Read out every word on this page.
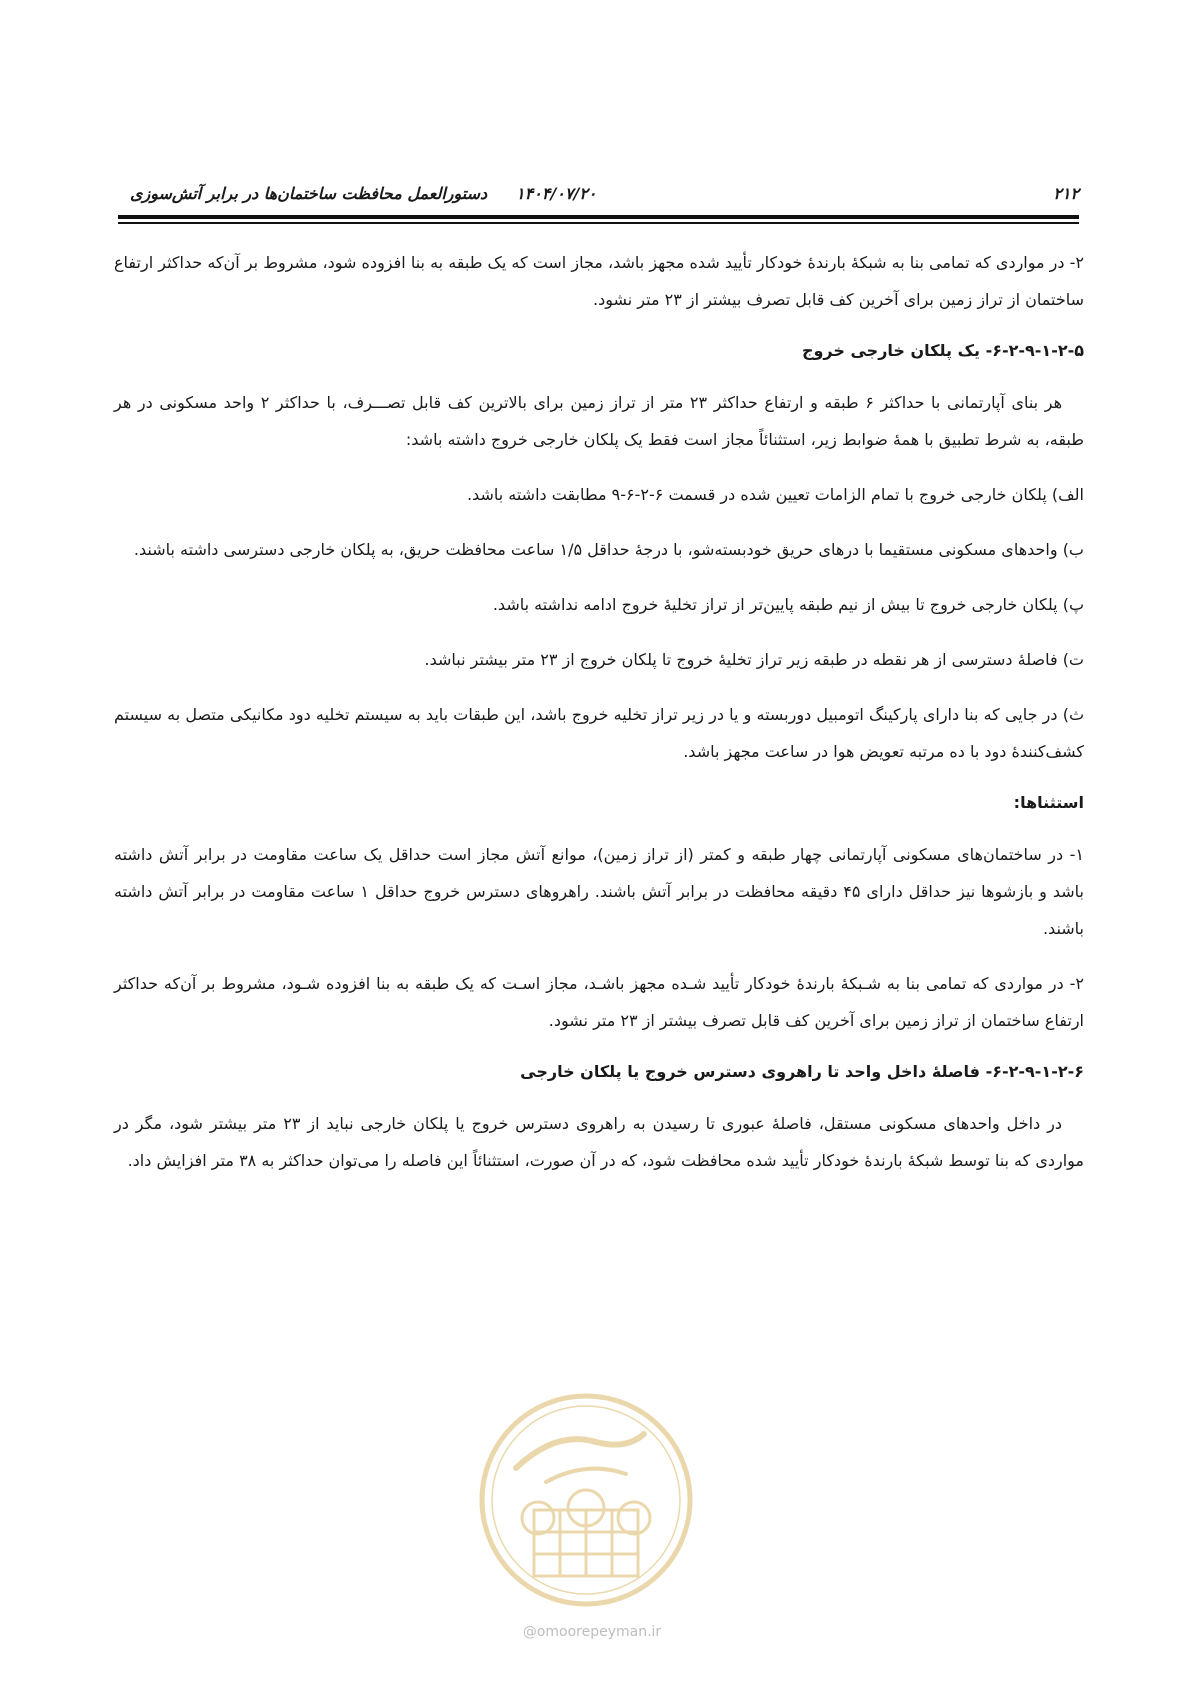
۲۱۲
۱۴۰۴/۰۷/۲۰
دستورالعمل محافظت ساختمان‌ها در برابر آتش‌سوزی

۲- در مواردی که تمامی بنا به شبکهٔ بارندهٔ خودکار تأیید شده مجهز باشد، مجاز است که یک طبقه به بنا افزوده شود، مشروط بر آن‌که حداکثر ارتفاع ساختمان از تراز زمین برای آخرین کف قابل تصرف بیشتر از ۲۳ متر نشود.

۶-۲-۹-۱-۲-۵- یک پلکان خارجی خروج

هر بنای آپارتمانی با حداکثر ۶ طبقه و ارتفاع حداکثر ۲۳ متر از تراز زمین برای بالاترین کف قابل تصـــرف، با حداکثر ۲ واحد مسکونی در هر طبقه، به شرط تطبیق با همهٔ ضوابط زیر، استثنائاً مجاز است فقط یک پلکان خارجی خروج داشته باشد:

الف) پلکان خارجی خروج با تمام الزامات تعیین شده در قسمت ۶-۲-۶-۹ مطابقت داشته باشد.

ب) واحدهای مسکونی مستقیما با درهای حریق خودبسته‌شو، با درجهٔ حداقل ۱/۵ ساعت محافظت حریق، به پلکان خارجی دسترسی داشته باشند.

پ) پلکان خارجی خروج تا بیش از نیم طبقه پایین‌تر از تراز تخلیهٔ خروج ادامه نداشته باشد.

ت) فاصلهٔ دسترسی از هر نقطه در طبقه زیر تراز تخلیهٔ خروج تا پلکان خروج از ۲۳ متر بیشتر نباشد.

ث) در جایی که بنا دارای پارکینگ اتومبیل دوربسته و یا در زیر تراز تخلیه خروج باشد، این طبقات باید به سیستم تخلیه دود مکانیکی متصل به سیستم کشف‌کنندهٔ دود با ده مرتبه تعویض هوا در ساعت مجهز باشد.

استثناها:

۱- در ساختمان‌های مسکونی آپارتمانی چهار طبقه و کمتر (از تراز زمین)، موانع آتش مجاز است حداقل یک ساعت مقاومت در برابر آتش داشته باشد و بازشوها نیز حداقل دارای ۴۵ دقیقه محافظت در برابر آتش باشند. راهروهای دسترس خروج حداقل ۱ ساعت مقاومت در برابر آتش داشته باشند.

۲- در مواردی که تمامی بنا به شـبکهٔ بارندهٔ خودکار تأیید شـده مجهز باشـد، مجاز اسـت که یک طبقه به بنا افزوده شـود، مشروط بر آن‌که حداکثر ارتفاع ساختمان از تراز زمین برای آخرین کف قابل تصرف بیشتر از ۲۳ متر نشود.

۶-۲-۹-۱-۲-۶- فاصلهٔ داخل واحد تا راهروی دسترس خروج یا پلکان خارجی

در داخل واحدهای مسکونی مستقل، فاصلهٔ عبوری تا رسیدن به راهروی دسترس خروج یا پلکان خارجی نباید از ۲۳ متر بیشتر شود، مگر در مواردی که بنا توسط شبکهٔ بارندهٔ خودکار تأیید شده محافظت شود، که در آن صورت، استثنائاً این فاصله را می‌توان حداکثر به ۳۸ متر افزایش داد.

@omoorepeyman.ir
